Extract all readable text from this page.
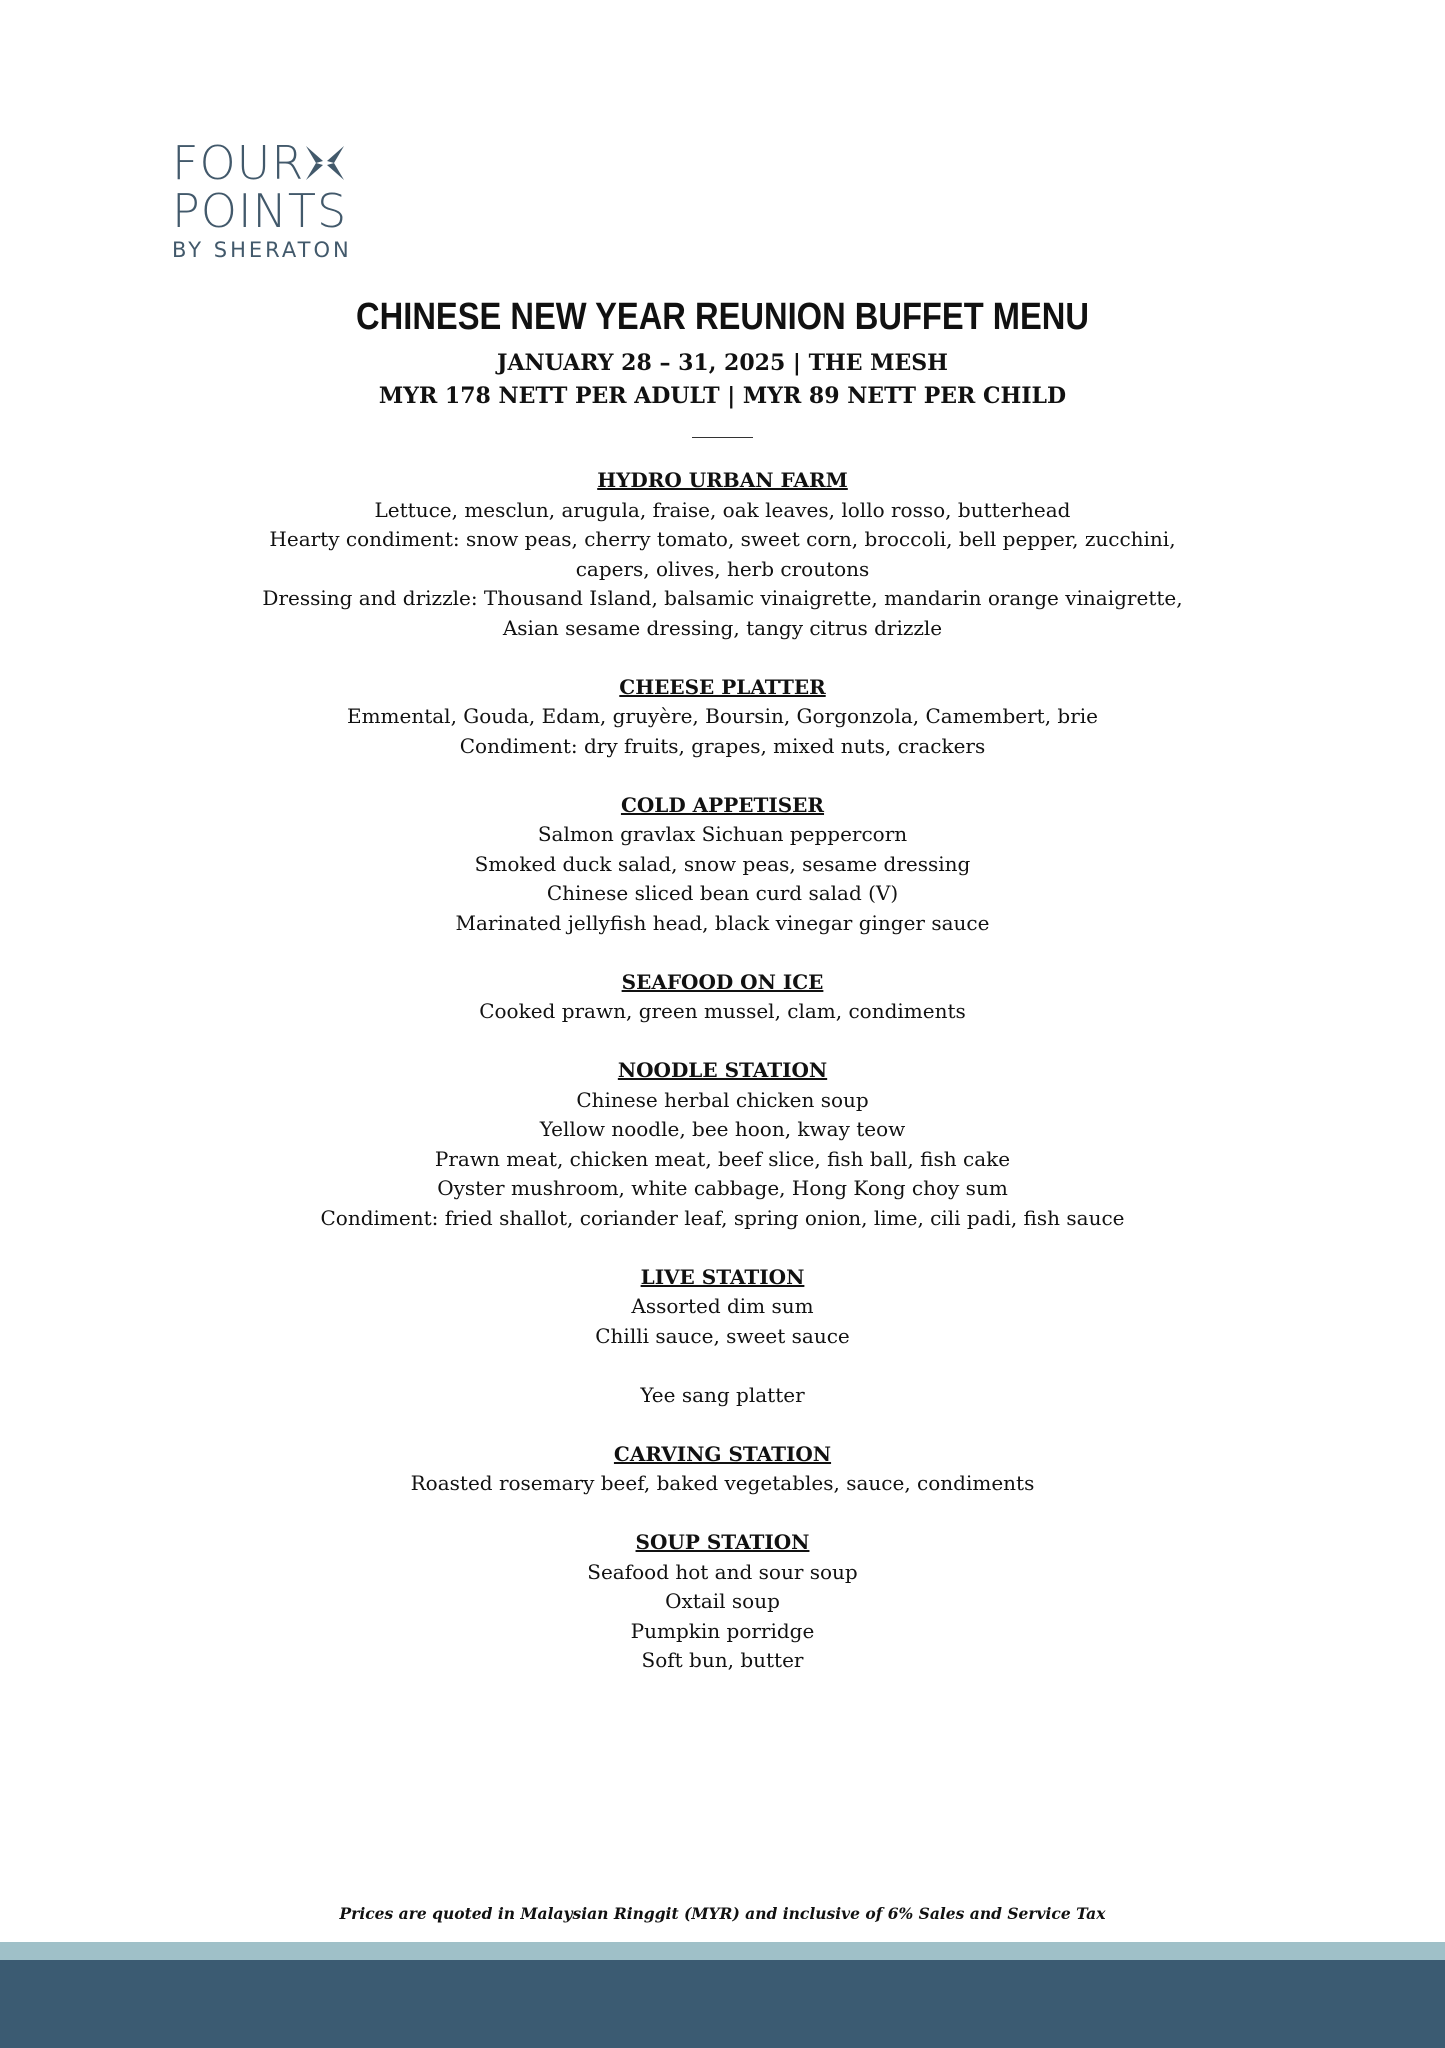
FOUR
POINTS
BY SHERATON
CHINESE NEW YEAR REUNION BUFFET MENU
JANUARY 28 – 31, 2025 | THE MESH
MYR 178 NETT PER ADULT | MYR 89 NETT PER CHILD
HYDRO URBAN FARM
Lettuce, mesclun, arugula, fraise, oak leaves, lollo rosso, butterhead
Hearty condiment: snow peas, cherry tomato, sweet corn, broccoli, bell pepper, zucchini,
capers, olives, herb croutons
Dressing and drizzle: Thousand Island, balsamic vinaigrette, mandarin orange vinaigrette,
Asian sesame dressing, tangy citrus drizzle
CHEESE PLATTER
Emmental, Gouda, Edam, gruyère, Boursin, Gorgonzola, Camembert, brie
Condiment: dry fruits, grapes, mixed nuts, crackers
COLD APPETISER
Salmon gravlax Sichuan peppercorn
Smoked duck salad, snow peas, sesame dressing
Chinese sliced bean curd salad (V)
Marinated jellyfish head, black vinegar ginger sauce
SEAFOOD ON ICE
Cooked prawn, green mussel, clam, condiments
NOODLE STATION
Chinese herbal chicken soup
Yellow noodle, bee hoon, kway teow
Prawn meat, chicken meat, beef slice, fish ball, fish cake
Oyster mushroom, white cabbage, Hong Kong choy sum
Condiment: fried shallot, coriander leaf, spring onion, lime, cili padi, fish sauce
LIVE STATION
Assorted dim sum
Chilli sauce, sweet sauce
Yee sang platter
CARVING STATION
Roasted rosemary beef, baked vegetables, sauce, condiments
SOUP STATION
Seafood hot and sour soup
Oxtail soup
Pumpkin porridge
Soft bun, butter
Prices are quoted in Malaysian Ringgit (MYR) and inclusive of 6% Sales and Service Tax
